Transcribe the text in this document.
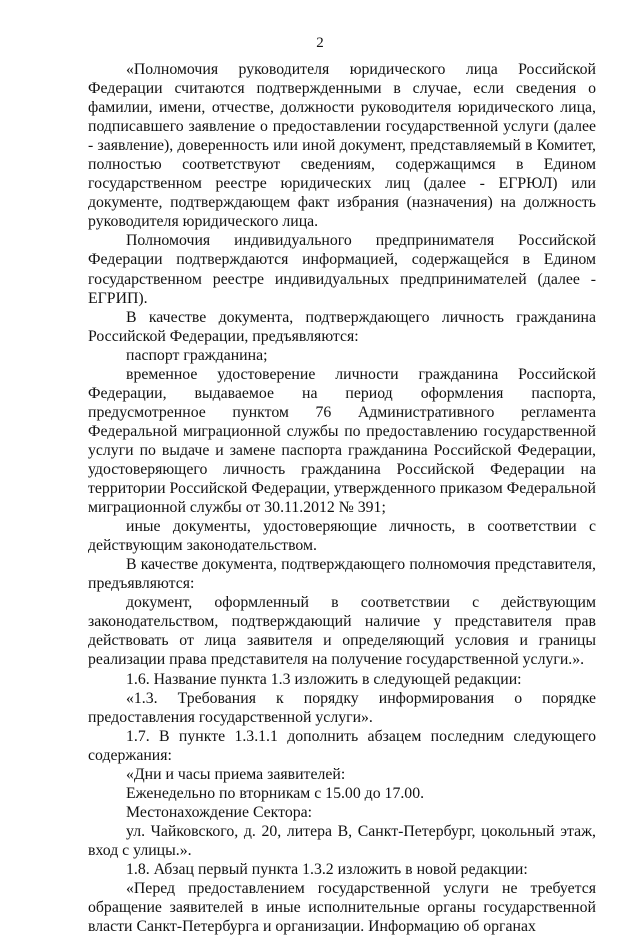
2

«Полномочия руководителя юридического лица Российской Федерации считаются подтвержденными в случае, если сведения о фамилии, имени, отчестве, должности руководителя юридического лица, подписавшего заявление о предоставлении государственной услуги (далее - заявление), доверенность или иной документ, представляемый в Комитет, полностью соответствуют сведениям, содержащимся в Едином государственном реестре юридических лиц (далее - ЕГРЮЛ) или документе, подтверждающем факт избрания (назначения) на должность руководителя юридического лица.

Полномочия индивидуального предпринимателя Российской Федерации подтверждаются информацией, содержащейся в Едином государственном реестре индивидуальных предпринимателей (далее - ЕГРИП).

В качестве документа, подтверждающего личность гражданина Российской Федерации, предъявляются:

паспорт гражданина;

временное удостоверение личности гражданина Российской Федерации, выдаваемое на период оформления паспорта, предусмотренное пунктом 76 Административного регламента Федеральной миграционной службы по предоставлению государственной услуги по выдаче и замене паспорта гражданина Российской Федерации, удостоверяющего личность гражданина Российской Федерации на территории Российской Федерации, утвержденного приказом Федеральной миграционной службы от 30.11.2012 № 391;

иные документы, удостоверяющие личность, в соответствии с действующим законодательством.

В качестве документа, подтверждающего полномочия представителя, предъявляются:

документ, оформленный в соответствии с действующим законодательством, подтверждающий наличие у представителя прав действовать от лица заявителя и определяющий условия и границы реализации права представителя на получение государственной услуги.».

1.6. Название пункта 1.3 изложить в следующей редакции:

«1.3. Требования к порядку информирования о порядке предоставления государственной услуги».

1.7. В пункте 1.3.1.1 дополнить абзацем последним следующего содержания:

«Дни и часы приема заявителей:

Еженедельно по вторникам с 15.00 до 17.00.

Местонахождение Сектора:

ул. Чайковского, д. 20, литера В, Санкт-Петербург, цокольный этаж, вход с улицы.».

1.8. Абзац первый пункта 1.3.2 изложить в новой редакции:

«Перед предоставлением государственной услуги не требуется обращение заявителей в иные исполнительные органы государственной власти Санкт-Петербурга и организации. Информацию об органах
